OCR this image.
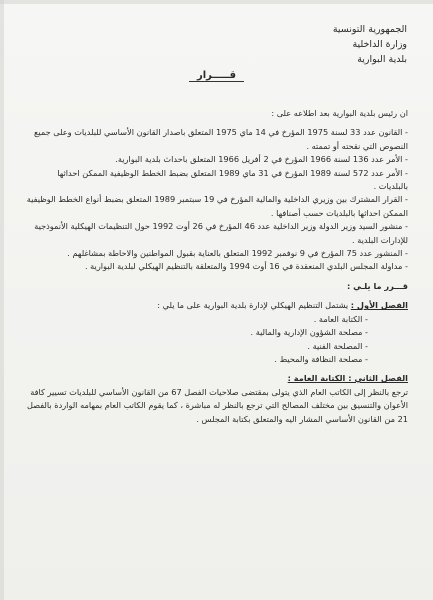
الجمهورية التونسية
وزارة الداخلية
بلدية البوارية
قـــــرار

ان رئيس بلدية البوارية بعد اطلاعه على :

- القانون عدد 33 لسنة 1975 المؤرخ في 14 ماي 1975 المتعلق باصدار القانون الأساسي للبلديات وعلى جميع النصوص التي نقحته أو تممته .

- الأمر عدد 136 لسنة 1966 المؤرخ في 2 أفريل 1966 المتعلق باحداث بلدية البوارية.

- الأمر عدد 572 لسنة 1989 المؤرخ في 31 ماي 1989 المتعلق بضبط الخطط الوظيفية الممكن احداثها بالبلديات .

- القرار المشترك بين وزيري الداخلية والمالية المؤرخ في 19 سبتمبر 1989 المتعلق بضبط أنواع الخطط الوظيفية الممكن احداثها بالبلديات حسب أصنافها .

- منشور السيد وزير الدولة وزير الداخلية عدد 46 المؤرخ في 26 أوت 1992 حول التنظيمات الهيكلية الأنموذجية للإدارات البلدية .

- المنشور عدد 75 المؤرخ في 9 نوفمبر 1992 المتعلق بالعناية بقبول المواطنين والاحاطة بمشاغلهم .

- مداولة المجلس البلدي المنعقدة في 16 أوت 1994 والمتعلقة بالتنظيم الهيكلي لبلدية البوارية .

قـــرر ما يلـي :

الفصل الأول : يشتمل التنظيم الهيكلي لإدارة بلدية البوارية على ما يلي :

- الكتابة العامة .

- مصلحة الشؤون الإدارية والمالية .

- المصلحة الفنية .

- مصلحة النظافة والمحيط .

الفصل الثاني : الكتابة العامة :

ترجع بالنظر إلى الكاتب العام الذي يتولى بمقتضى صلاحيات الفصل 67 من القانون الأساسي للبلديات تسيير كافة الأعوان والتنسيق بين مختلف المصالح التي ترجع بالنظر له مباشرة ، كما يقوم الكاتب العام بمهامه الواردة بالفصل 21 من القانون الأساسي المشار اليه والمتعلق بكتابة المجلس .
